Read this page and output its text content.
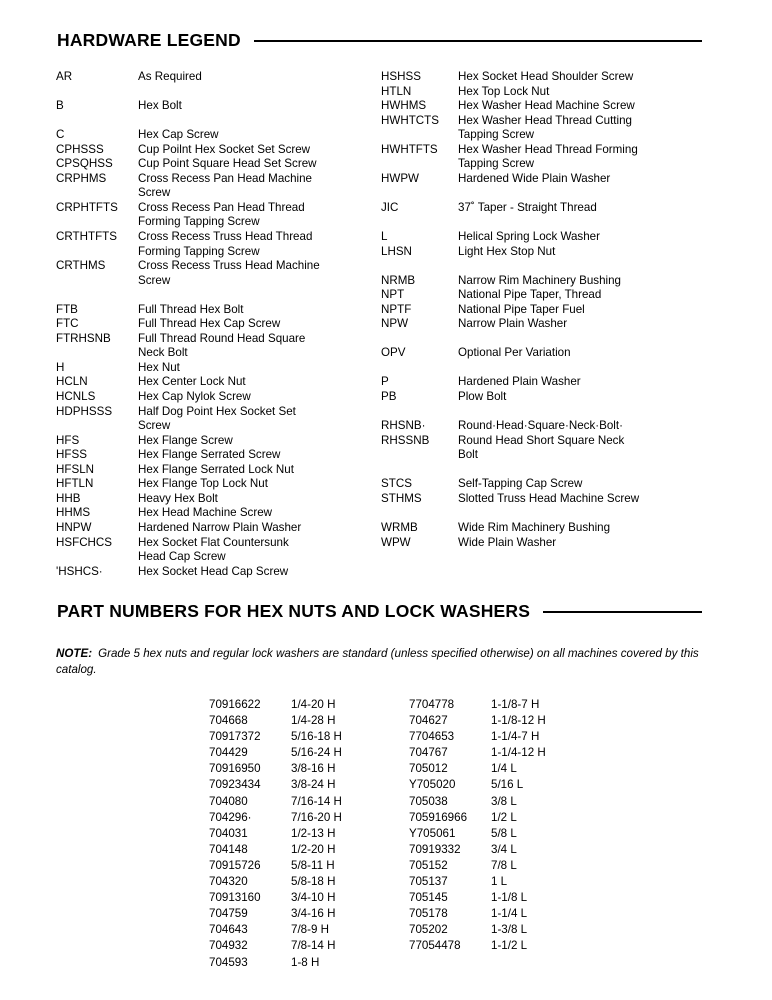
HARDWARE LEGEND
AR	As Required
B	Hex Bolt
C	Hex Cap Screw
CPHSSS	Cup Poilnt Hex Socket Set Screw
CPSQHSS	Cup Point Square Head Set Screw
CRPHMS	Cross Recess Pan Head Machine
Screw
CRPHTFTS	Cross Recess Pan Head Thread
Forming Tapping Screw
CRTHTFTS	Cross Recess Truss Head Thread
Forming Tapping Screw
CRTHMS	Cross Recess Truss Head Machine
Screw
FTB	Full Thread Hex Bolt
FTC	Full Thread Hex Cap Screw
FTRHSNB	Full Thread Round Head Square
Neck Bolt
H	Hex Nut
HCLN	Hex Center Lock Nut
HCNLS	Hex Cap Nylok Screw
HDPHSSS	Half Dog Point Hex Socket Set
Screw
HFS	Hex Flange Screw
HFSS	Hex Flange Serrated Screw
HFSLN	Hex Flange Serrated Lock Nut
HFTLN	Hex Flange Top Lock Nut
HHB	Heavy Hex Bolt
HHMS	Hex Head Machine Screw
HNPW	Hardened Narrow Plain Washer
HSFCHCS	Hex Socket Flat Countersunk
Head Cap Screw
'HSHCS·	Hex Socket Head Cap Screw
HSHSS	Hex Socket Head Shoulder Screw
HTLN	Hex Top Lock Nut
HWHMS	Hex Washer Head Machine Screw
HWHTCTS	Hex Washer Head Thread Cutting
Tapping Screw
HWHTFTS	Hex Washer Head Thread Forming
Tapping Screw
HWPW	Hardened Wide Plain Washer
JIC	37˚ Taper - Straight Thread
L	Helical Spring Lock Washer
LHSN	Light Hex Stop Nut
NRMB	Narrow Rim Machinery Bushing
NPT	National Pipe Taper, Thread
NPTF	National Pipe Taper Fuel
NPW	Narrow Plain Washer
OPV	Optional Per Variation
P	Hardened Plain Washer
PB	Plow Bolt
RHSNB·	Round·Head·Square·Neck·Bolt·
RHSSNB	Round Head Short Square Neck
Bolt
STCS	Self-Tapping Cap Screw
STHMS	Slotted Truss Head Machine Screw
WRMB	Wide Rim Machinery Bushing
WPW	Wide Plain Washer
PART NUMBERS FOR HEX NUTS AND LOCK WASHERS
NOTE: Grade 5 hex nuts and regular lock washers are standard (unless specified otherwise) on all machines covered by this catalog.
70916622	1/4-20 H
704668	1/4-28 H
70917372	5/16-18 H
704429	5/16-24 H
70916950	3/8-16 H
70923434	3/8-24 H
704080	7/16-14 H
704296·	7/16-20 H
704031	1/2-13 H
704148	1/2-20 H
70915726	5/8-11 H
704320	5/8-18 H
70913160	3/4-10 H
704759	3/4-16 H
704643	7/8-9 H
704932	7/8-14 H
704593	1-8 H
7704778	1-1/8-7 H
704627	1-1/8-12 H
7704653	1-1/4-7 H
704767	1-1/4-12 H
705012	1/4 L
Y705020	5/16 L
705038	3/8 L
705916966	1/2 L
Y705061	5/8 L
70919332	3/4 L
705152	7/8 L
705137	1 L
705145	1-1/8 L
705178	1-1/4 L
705202	1-3/8 L
77054478	1-1/2 L
